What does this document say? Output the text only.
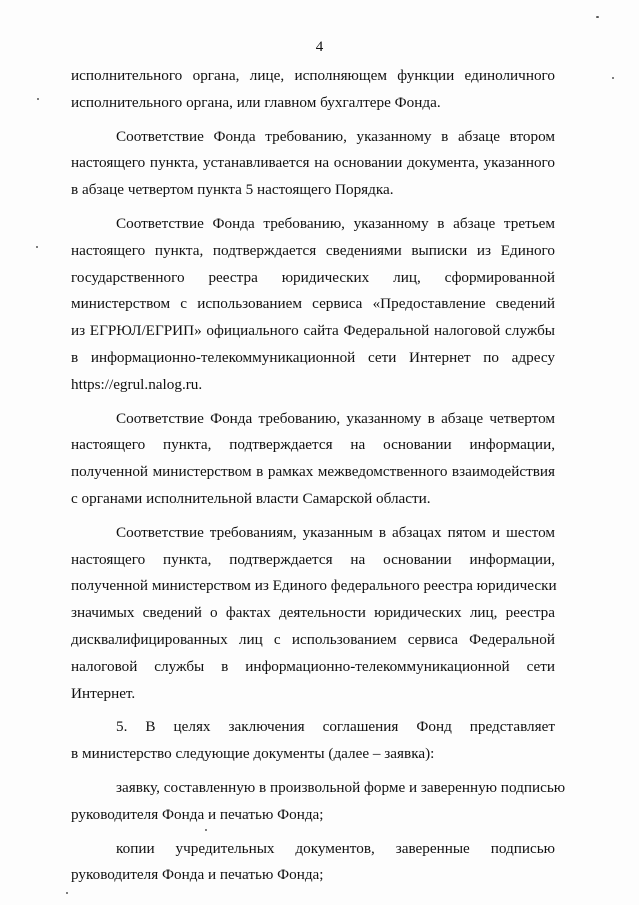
4
исполнительного органа, лице, исполняющем функции единоличного
исполнительного органа, или главном бухгалтере Фонда.
Соответствие Фонда требованию, указанному в абзаце втором
настоящего пункта, устанавливается на основании документа, указанного
в абзаце четвертом пункта 5 настоящего Порядка.
Соответствие Фонда требованию, указанному в абзаце третьем
настоящего пункта, подтверждается сведениями выписки из Единого
государственного реестра юридических лиц, сформированной
министерством с использованием сервиса «Предоставление сведений
из ЕГРЮЛ/ЕГРИП» официального сайта Федеральной налоговой службы
в информационно-телекоммуникационной сети Интернет по адресу
https://egrul.nalog.ru.
Соответствие Фонда требованию, указанному в абзаце четвертом
настоящего пункта, подтверждается на основании информации,
полученной министерством в рамках межведомственного взаимодействия
с органами исполнительной власти Самарской области.
Соответствие требованиям, указанным в абзацах пятом и шестом
настоящего пункта, подтверждается на основании информации,
полученной министерством из Единого федерального реестра юридически
значимых сведений о фактах деятельности юридических лиц, реестра
дисквалифицированных лиц с использованием сервиса Федеральной
налоговой службы в информационно-телекоммуникационной сети
Интернет.
5. В целях заключения соглашения Фонд представляет
в министерство следующие документы (далее – заявка):
заявку, составленную в произвольной форме и заверенную подписью
руководителя Фонда и печатью Фонда;
копии учредительных документов, заверенные подписью
руководителя Фонда и печатью Фонда;
